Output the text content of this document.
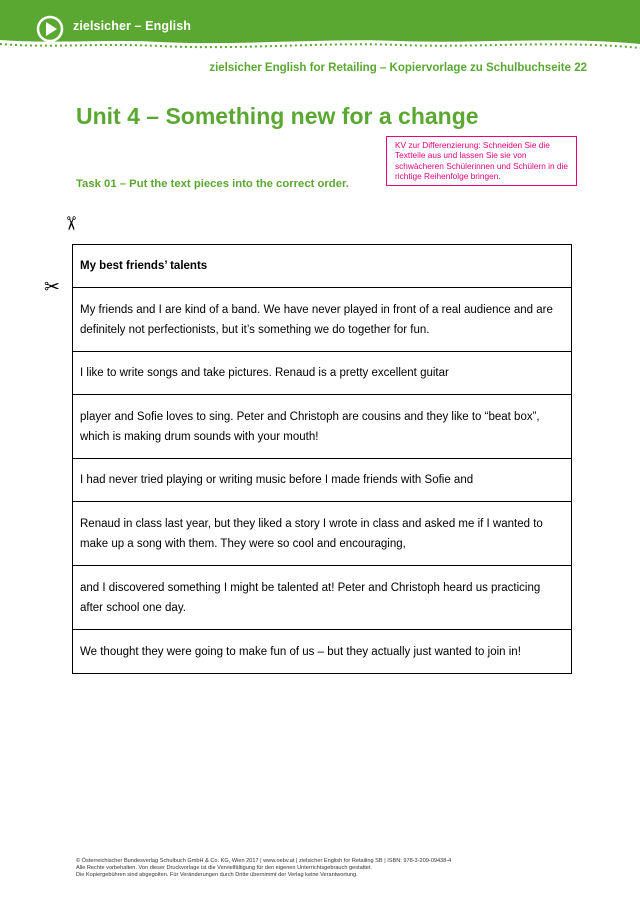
zielsicher – English
zielsicher English for Retailing – Kopiervorlage zu Schulbuchseite 22
Unit 4 – Something new for a change
KV zur Differenzierung: Schneiden Sie die Textteile aus und lassen Sie sie von schwächeren Schülerinnen und Schülern in die richtige Reihenfolge bringen.
Task 01 – Put the text pieces into the correct order.
✂
✂
My best friends’ talents
My friends and I are kind of a band. We have never played in front of a real audience and are definitely not perfectionists, but it’s something we do together for fun.
I like to write songs and take pictures. Renaud is a pretty excellent guitar
player and Sofie loves to sing. Peter and Christoph are cousins and they like to “beat box”, which is making drum sounds with your mouth!
I had never tried playing or writing music before I made friends with Sofie and
Renaud in class last year, but they liked a story I wrote in class and asked me if I wanted to make up a song with them. They were so cool and encouraging,
and I discovered something I might be talented at! Peter and Christoph heard us practicing after school one day.
We thought they were going to make fun of us – but they actually just wanted to join in!
© Österreichischer Bundesverlag Schulbuch GmbH & Co. KG, Wien 2017 | www.oebv.at | zielsicher English for Retailing SB | ISBN: 978-3-209-09438-4
Alle Rechte vorbehalten. Von dieser Druckvorlage ist die Vervielfältigung für den eigenen Unterrichtsgebrauch gestattet.
Die Kopiergebühren sind abgegolten. Für Veränderungen durch Dritte übernimmt der Verlag keine Verantwortung.
